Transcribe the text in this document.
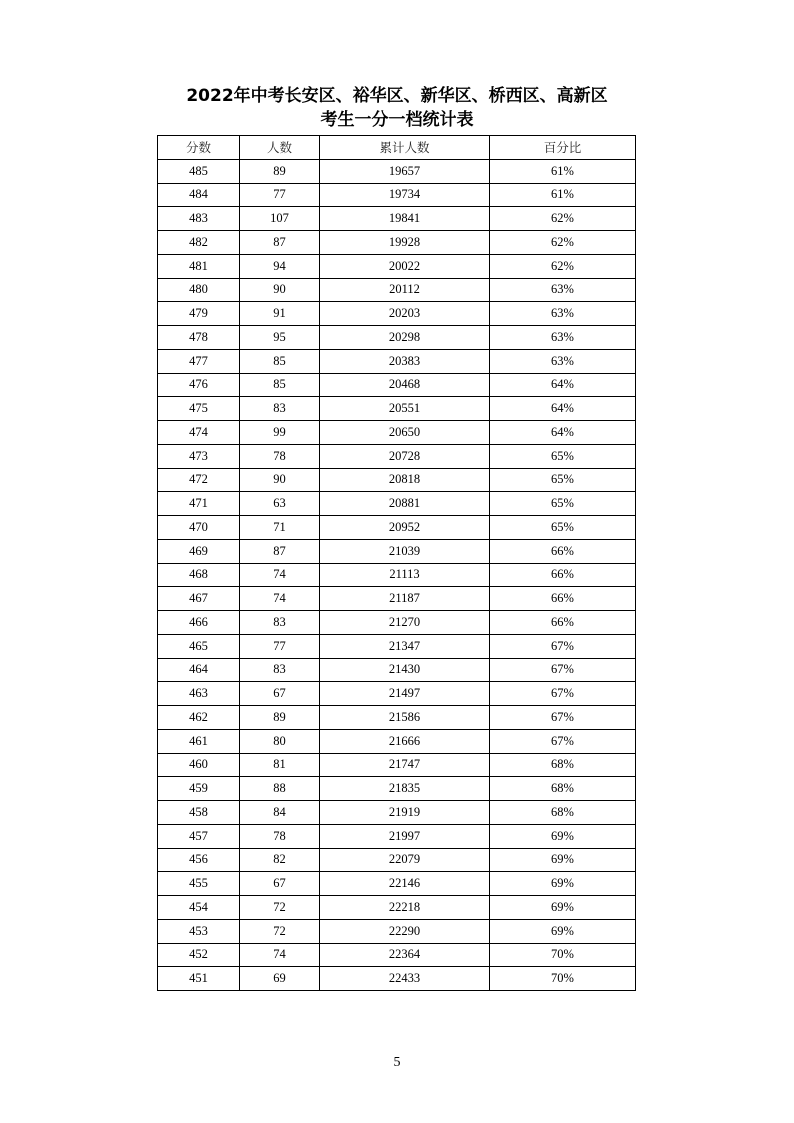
2022年中考长安区、裕华区、新华区、桥西区、高新区
考生一分一档统计表
分数	人数	累计人数	百分比
485	89	19657	61%
484	77	19734	61%
483	107	19841	62%
482	87	19928	62%
481	94	20022	62%
480	90	20112	63%
479	91	20203	63%
478	95	20298	63%
477	85	20383	63%
476	85	20468	64%
475	83	20551	64%
474	99	20650	64%
473	78	20728	65%
472	90	20818	65%
471	63	20881	65%
470	71	20952	65%
469	87	21039	66%
468	74	21113	66%
467	74	21187	66%
466	83	21270	66%
465	77	21347	67%
464	83	21430	67%
463	67	21497	67%
462	89	21586	67%
461	80	21666	67%
460	81	21747	68%
459	88	21835	68%
458	84	21919	68%
457	78	21997	69%
456	82	22079	69%
455	67	22146	69%
454	72	22218	69%
453	72	22290	69%
452	74	22364	70%
451	69	22433	70%
5
